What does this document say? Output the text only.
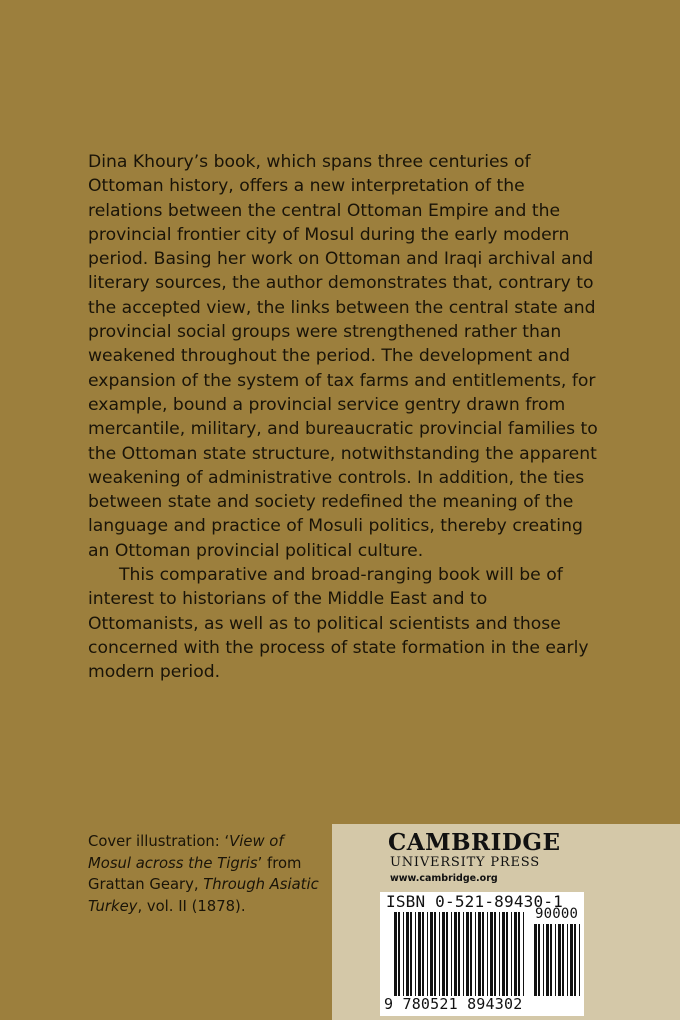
Dina Khoury’s book, which spans three centuries of Ottoman history, offers a new interpretation of the relations between the central Ottoman Empire and the provincial frontier city of Mosul during the early modern period. Basing her work on Ottoman and Iraqi archival and literary sources, the author demonstrates that, contrary to the accepted view, the links between the central state and provincial social groups were strengthened rather than weakened throughout the period. The development and expansion of the system of tax farms and entitlements, for example, bound a provincial service gentry drawn from mercantile, military, and bureaucratic provincial families to the Ottoman state structure, notwithstanding the apparent weakening of administrative controls. In addition, the ties between state and society redefined the meaning of the language and practice of Mosuli politics, thereby creating an Ottoman provincial political culture.

This comparative and broad-ranging book will be of interest to historians of the Middle East and to Ottomanists, as well as to political scientists and those concerned with the process of state formation in the early modern period.

Cover illustration: ‘View of Mosul across the Tigris’ from Grattan Geary, Through Asiatic Turkey, vol. II (1878).
CAMBRIDGE
UNIVERSITY PRESS
www.cambridge.org
ISBN 0-521-89430-1
90000
9 780521 894302
